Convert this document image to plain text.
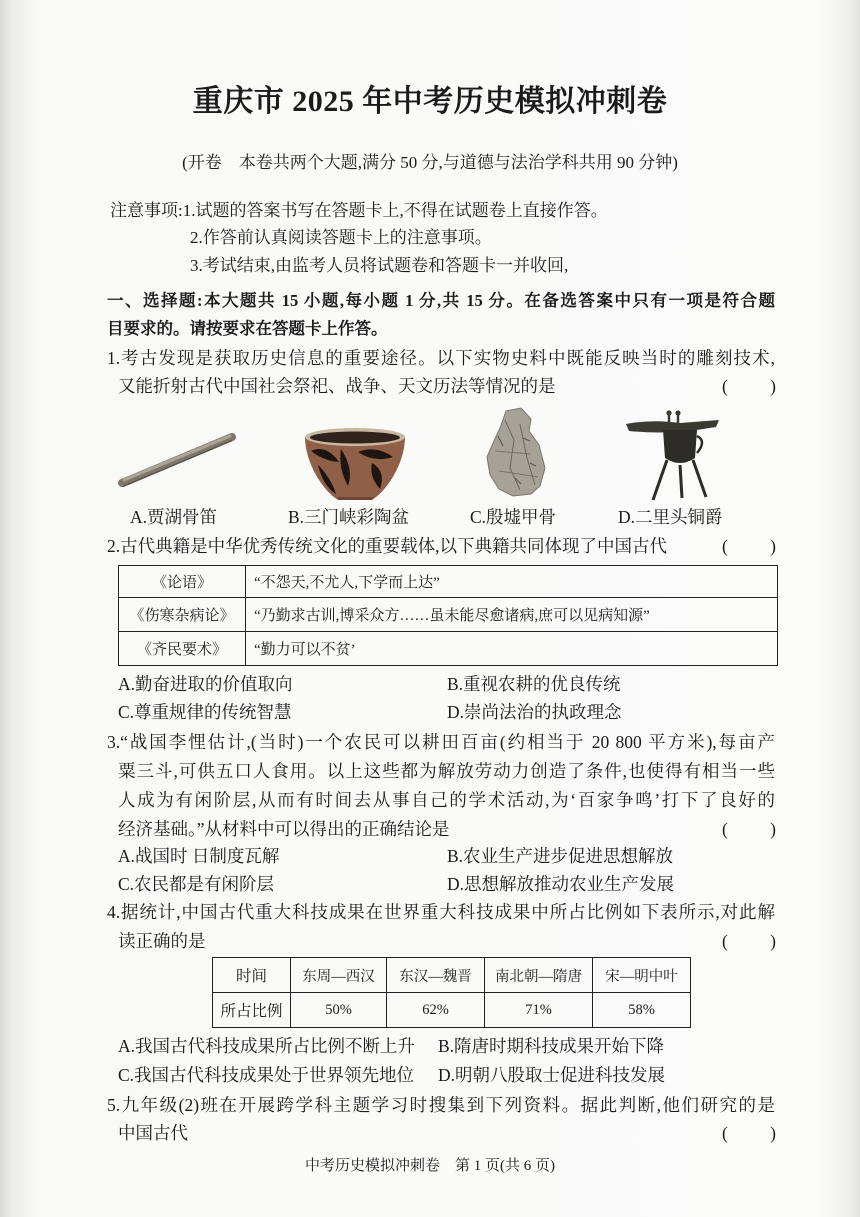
重庆市 2025 年中考历史模拟冲刺卷
(开卷　本卷共两个大题,满分 50 分,与道德与法治学科共用 90 分钟)
注意事项:1.试题的答案书写在答题卡上,不得在试题卷上直接作答。
2.作答前认真阅读答题卡上的注意事项。
3.考试结束,由监考人员将试题卷和答题卡一并收回,
一、选择题:本大题共 15 小题,每小题 1 分,共 15 分。在备选答案中只有一项是符合题
目要求的。请按要求在答题卡上作答。
1.考古发现是获取历史信息的重要途径。以下实物史料中既能反映当时的雕刻技术,
又能折射古代中国社会祭祀、战争、天文历法等情况的是	(　　)
A.贾湖骨笛	B.三门峡彩陶盆	C.殷墟甲骨	D.二里头铜爵
2.古代典籍是中华优秀传统文化的重要载体,以下典籍共同体现了中国古代	(　　)
《论语》	“不怨天,不尤人,下学而上达”
《伤寒杂病论》	“乃勤求古训,博采众方……虽未能尽愈诸病,庶可以见病知源”
《齐民要术》	“勤力可以不贫’
A.勤奋进取的价值取向	B.重视农耕的优良传统
C.尊重规律的传统智慧	D.崇尚法治的执政理念
3.“战国李悝估计,(当时)一个农民可以耕田百亩(约相当于 20 800 平方米),每亩产
粟三斗,可供五口人食用。以上这些都为解放劳动力创造了条件,也使得有相当一些
人成为有闲阶层,从而有时间去从事自己的学术活动,为‘百家争鸣’打下了良好的
经济基础。”从材料中可以得出的正确结论是	(　　)
A.战国时 日制度瓦解	B.农业生产进步促进思想解放
C.农民都是有闲阶层	D.思想解放推动农业生产发展
4.据统计,中国古代重大科技成果在世界重大科技成果中所占比例如下表所示,对此解
读正确的是	(　　)
时间	东周—西汉	东汉—魏晋	南北朝—隋唐	宋—明中叶
所占比例	50%	62%	71%	58%
A.我国古代科技成果所占比例不断上升	B.隋唐时期科技成果开始下降
C.我国古代科技成果处于世界领先地位	D.明朝八股取士促进科技发展
5.九年级(2)班在开展跨学科主题学习时搜集到下列资料。据此判断,他们研究的是
中国古代	(　　)
中考历史模拟冲刺卷　第 1 页(共 6 页)
